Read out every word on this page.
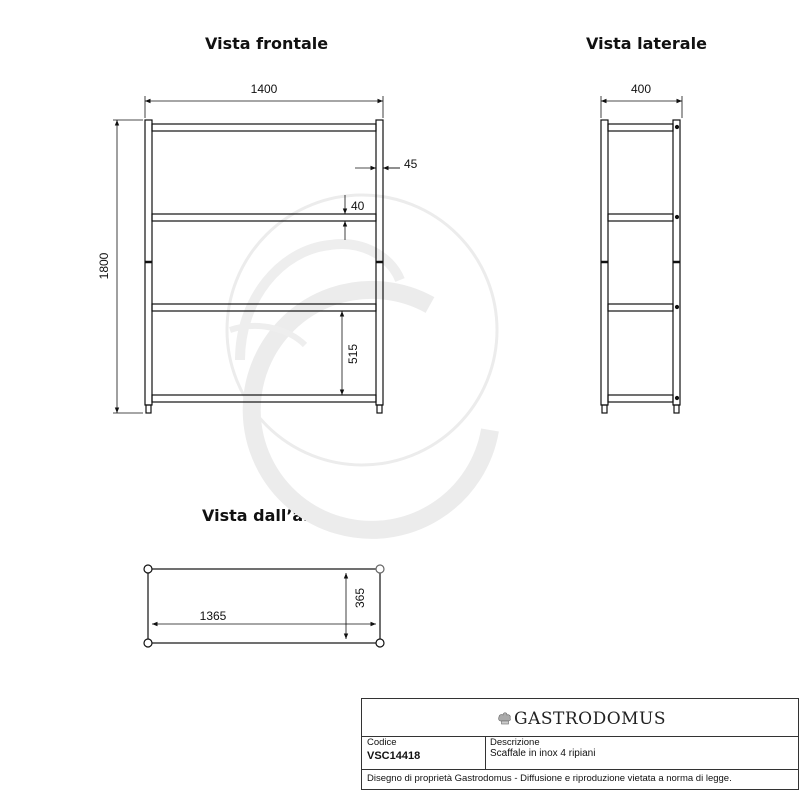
Vista frontale	Vista laterale
Vista dall’alto
1400
1800
45
40
515
400
1365
365
GASTRODOMUS
Codice
VSC14418
Descrizione
Scaffale in inox 4 ripiani
Disegno di proprietà Gastrodomus - Diffusione e riproduzione vietata a norma di legge.
